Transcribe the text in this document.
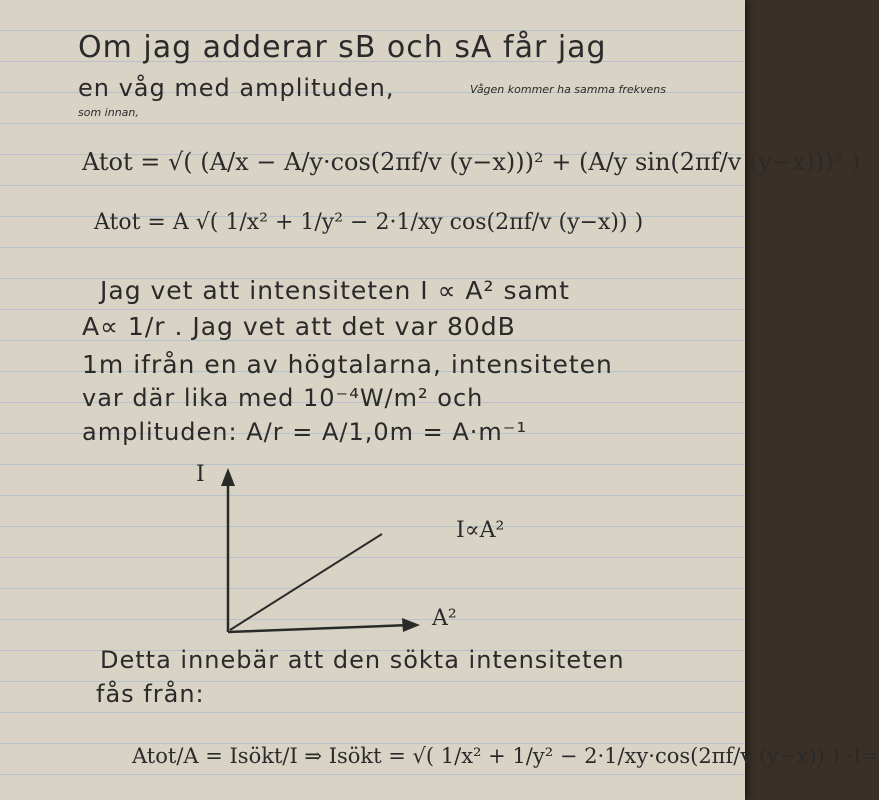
Om jag adderar sB och sA får jag
en våg med amplituden,	Vågen kommer ha samma frekvens
som innan,
Atot = √( (A/x − A/y·cos(2πf/v (y−x)))² + (A/y sin(2πf/v (y−x)))² )
Atot = A √( 1/x² + 1/y² − 2·1/xy cos(2πf/v (y−x)) )
Jag vet att intensiteten I ∝ A² samt
A∝ 1/r . Jag vet att det var 80dB
1m ifrån en av högtalarna, intensiteten
var där lika med 10⁻⁴W/m² och
amplituden: A/r = A/1,0m = A·m⁻¹
I
I∝A²
A²
Detta innebär att den sökta intensiteten
fås från:
Atot/A = Isökt/I ⇒ Isökt = √( 1/x² + 1/y² − 2·1/xy·cos(2πf/v (y−x)) ) ·I=
